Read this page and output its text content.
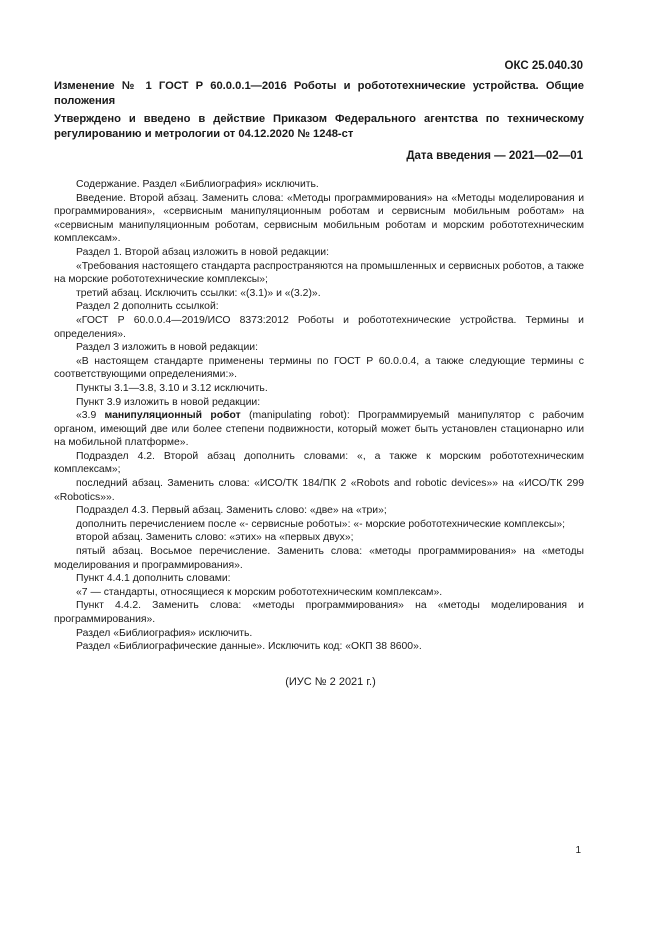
ОКС 25.040.30
Изменение № 1 ГОСТ Р 60.0.0.1—2016 Роботы и робототехнические устройства. Общие положения
Утверждено и введено в действие Приказом Федерального агентства по техническому регулированию и метрологии от 04.12.2020 № 1248-ст
Дата введения — 2021—02—01

Содержание. Раздел «Библиография» исключить.

Введение. Второй абзац. Заменить слова: «Методы программирования» на «Методы моделирования и программирования», «сервисным манипуляционным роботам и сервисным мобильным роботам» на «сервисным манипуляционным роботам, сервисным мобильным роботам и морским робототехническим комплексам».

Раздел 1. Второй абзац изложить в новой редакции:

«Требования настоящего стандарта распространяются на промышленных и сервисных роботов, а также на морские робототехнические комплексы»;

третий абзац. Исключить ссылки: «(3.1)» и «(3.2)».

Раздел 2 дополнить ссылкой:

«ГОСТ Р 60.0.0.4—2019/ИСО 8373:2012 Роботы и робототехнические устройства. Термины и определения».

Раздел 3 изложить в новой редакции:

«В настоящем стандарте применены термины по ГОСТ Р 60.0.0.4, а также следующие термины с соответствующими определениями:».

Пункты 3.1—3.8, 3.10 и 3.12 исключить.

Пункт 3.9 изложить в новой редакции:

«3.9 манипуляционный робот (manipulating robot): Программируемый манипулятор с рабочим органом, имеющий две или более степени подвижности, который может быть установлен стационарно или на мобильной платформе».

Подраздел 4.2. Второй абзац дополнить словами: «, а также к морским робототехническим комплексам»;

последний абзац. Заменить слова: «ИСО/ТК 184/ПК 2 «Robots and robotic devices»» на «ИСО/ТК 299 «Robotics»».

Подраздел 4.3. Первый абзац. Заменить слово: «две» на «три»;

дополнить перечислением после «- сервисные роботы»: «- морские робототехнические комплексы»;

второй абзац. Заменить слово: «этих» на «первых двух»;

пятый абзац. Восьмое перечисление. Заменить слова: «методы программирования» на «методы моделирования и программирования».

Пункт 4.4.1 дополнить словами:

«7 — стандарты, относящиеся к морским робототехническим комплексам».

Пункт 4.4.2. Заменить слова: «методы программирования» на «методы моделирования и программирования».

Раздел «Библиография» исключить.

Раздел «Библиографические данные». Исключить код: «ОКП 38 8600».

(ИУС № 2 2021 г.)
1
